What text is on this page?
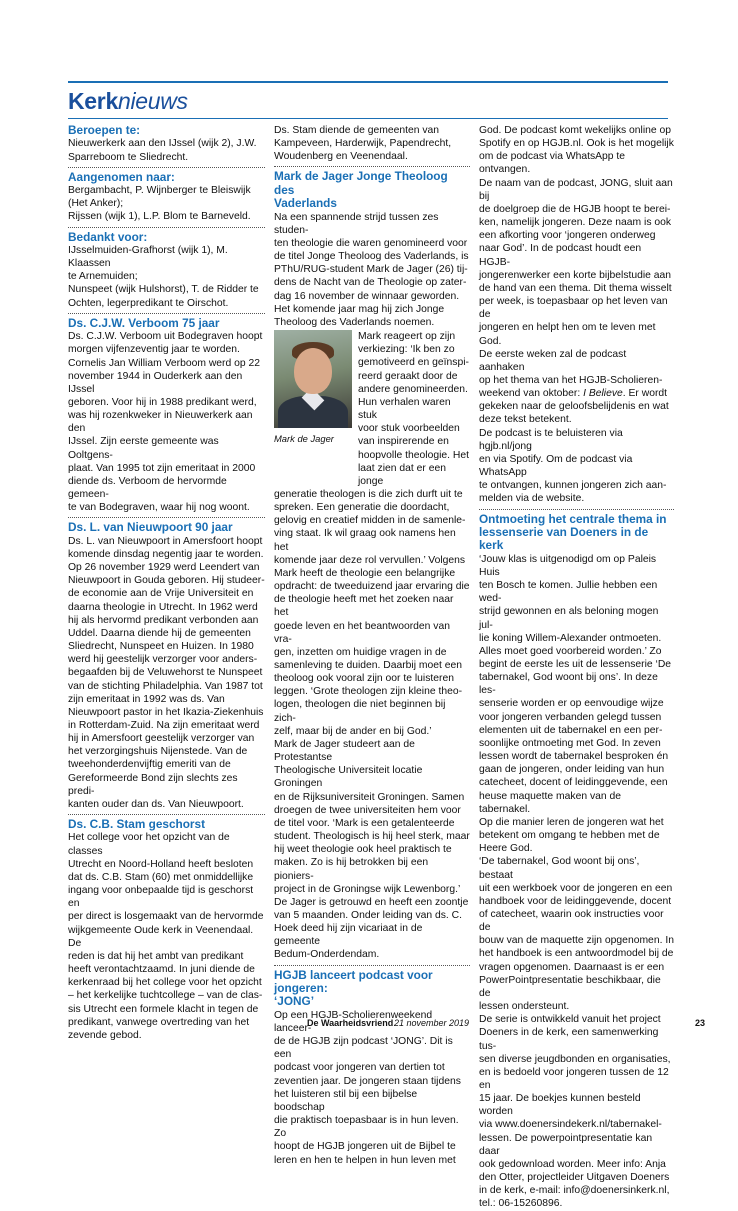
Kerknieuws

Beroepen te:

Nieuwerkerk aan den IJssel (wijk 2), J.W.

Sparreboom te Sliedrecht.

Aangenomen naar:

Bergambacht, P. Wijnberger te Bleiswijk

(Het Anker);

Rijssen (wijk 1), L.P. Blom te Barneveld.

Bedankt voor:

IJsselmuiden-Grafhorst (wijk 1), M. Klaassen

te Arnemuiden;

Nunspeet (wijk Hulshorst), T. de Ridder te

Ochten, legerpredikant te Oirschot.

Ds. C.J.W. Verboom 75 jaar

Ds. C.J.W. Verboom uit Bodegraven hoopt

morgen vijfenzeventig jaar te worden.

Cornelis Jan William Verboom werd op 22

november 1944 in Ouderkerk aan den IJssel

geboren. Voor hij in 1988 predikant werd,

was hij rozenkweker in Nieuwerkerk aan den

IJssel. Zijn eerste gemeente was Ooltgens-

plaat. Van 1995 tot zijn emeritaat in 2000

diende ds. Verboom de hervormde gemeen-

te van Bodegraven, waar hij nog woont.

Ds. L. van Nieuwpoort 90 jaar

Ds. L. van Nieuwpoort in Amersfoort hoopt

komende dinsdag negentig jaar te worden.

Op 26 november 1929 werd Leendert van

Nieuwpoort in Gouda geboren. Hij studeer-

de economie aan de Vrije Universiteit en

daarna theologie in Utrecht. In 1962 werd

hij als hervormd predikant verbonden aan

Uddel. Daarna diende hij de gemeenten

Sliedrecht, Nunspeet en Huizen. In 1980

werd hij geestelijk verzorger voor anders-

begaafden bij de Veluwehorst te Nunspeet

van de stichting Philadelphia. Van 1987 tot

zijn emeritaat in 1992 was ds. Van

Nieuwpoort pastor in het Ikazia-Ziekenhuis

in Rotterdam-Zuid. Na zijn emeritaat werd

hij in Amersfoort geestelijk verzorger van

het verzorgingshuis Nijenstede. Van de

tweehonderdenvijftig emeriti van de

Gereformeerde Bond zijn slechts zes predi-

kanten ouder dan ds. Van Nieuwpoort.

Ds. C.B. Stam geschorst

Het college voor het opzicht van de classes

Utrecht en Noord-Holland heeft besloten

dat ds. C.B. Stam (60) met onmiddellijke

ingang voor onbepaalde tijd is geschorst en

per direct is losgemaakt van de hervormde

wijkgemeente Oude kerk in Veenendaal. De

reden is dat hij het ambt van predikant

heeft verontachtzaamd. In juni diende de

kerkenraad bij het college voor het opzicht

– het kerkelijke tuchtcollege – van de clas-

sis Utrecht een formele klacht in tegen de

predikant, vanwege overtreding van het

zevende gebod.

Ds. Stam diende de gemeenten van

Kampeveen, Harderwijk, Papendrecht,

Woudenberg en Veenendaal.

Mark de Jager Jonge Theoloog des
Vaderlands

Na een spannende strijd tussen zes studen-

ten theologie die waren genomineerd voor

de titel Jonge Theoloog des Vaderlands, is

PThU/RUG-student Mark de Jager (26) tij-

dens de Nacht van de Theologie op zater-

dag 16 november de winnaar geworden.

Het komende jaar mag hij zich Jonge

Theoloog des Vaderlands noemen.

Mark de Jager

Mark reageert op zijn

verkiezing: ‘Ik ben zo

gemotiveerd en geïnspi-

reerd geraakt door de

andere genomineerden.

Hun verhalen waren stuk

voor stuk voorbeelden

van inspirerende en

hoopvolle theologie. Het

laat zien dat er een jonge

generatie theologen is die zich durft uit te

spreken. Een generatie die doordacht,

gelovig en creatief midden in de samenle-

ving staat. Ik wil graag ook namens hen het

komende jaar deze rol vervullen.’ Volgens

Mark heeft de theologie een belangrijke

opdracht: de tweeduizend jaar ervaring die

de theologie heeft met het zoeken naar het

goede leven en het beantwoorden van vra-

gen, inzetten om huidige vragen in de

samenleving te duiden. Daarbij moet een

theoloog ook vooral zijn oor te luisteren

leggen. ‘Grote theologen zijn kleine theo-

logen, theologen die niet beginnen bij zich-

zelf, maar bij de ander en bij God.’

Mark de Jager studeert aan de Protestantse

Theologische Universiteit locatie Groningen

en de Rijksuniversiteit Groningen. Samen

droegen de twee universiteiten hem voor

de titel voor. ‘Mark is een getalenteerde

student. Theologisch is hij heel sterk, maar

hij weet theologie ook heel praktisch te

maken. Zo is hij betrokken bij een pioniers-

project in de Groningse wijk Lewenborg.’

De Jager is getrouwd en heeft een zoontje

van 5 maanden. Onder leiding van ds. C.

Hoek deed hij zijn vicariaat in de gemeente

Bedum-Onderdendam.

HGJB lanceert podcast voor jongeren:
‘JONG’

Op een HGJB-Scholierenweekend lanceer-

de de HGJB zijn podcast ‘JONG’. Dit is een

podcast voor jongeren van dertien tot

zeventien jaar. De jongeren staan tijdens

het luisteren stil bij een bijbelse boodschap

die praktisch toepasbaar is in hun leven. Zo

hoopt de HGJB jongeren uit de Bijbel te

leren en hen te helpen in hun leven met

God. De podcast komt wekelijks online op

Spotify en op HGJB.nl. Ook is het mogelijk

om de podcast via WhatsApp te ontvangen.

De naam van de podcast, JONG, sluit aan bij

de doelgroep die de HGJB hoopt te berei-

ken, namelijk jongeren. Deze naam is ook

een afkorting voor ‘jongeren onderweg

naar God’. In de podcast houdt een HGJB-

jongerenwerker een korte bijbelstudie aan

de hand van een thema. Dit thema wisselt

per week, is toepasbaar op het leven van de

jongeren en helpt hen om te leven met

God.

De eerste weken zal de podcast aanhaken

op het thema van het HGJB-Scholieren-

weekend van oktober: I Believe. Er wordt

gekeken naar de geloofsbelijdenis en wat

deze tekst betekent.

De podcast is te beluisteren via hgjb.nl/jong

en via Spotify. Om de podcast via WhatsApp

te ontvangen, kunnen jongeren zich aan-

melden via de website.

Ontmoeting het centrale thema in
lessenserie van Doeners in de kerk

‘Jouw klas is uitgenodigd om op Paleis Huis

ten Bosch te komen. Jullie hebben een wed-

strijd gewonnen en als beloning mogen jul-

lie koning Willem-Alexander ontmoeten.

Alles moet goed voorbereid worden.’ Zo

begint de eerste les uit de lessenserie ‘De

tabernakel, God woont bij ons’. In deze les-

senserie worden er op eenvoudige wijze

voor jongeren verbanden gelegd tussen

elementen uit de tabernakel en een per-

soonlijke ontmoeting met God. In zeven

lessen wordt de tabernakel besproken én

gaan de jongeren, onder leiding van hun

catecheet, docent of leidinggevende, een

heuse maquette maken van de tabernakel.

Op die manier leren de jongeren wat het

betekent om omgang te hebben met de

Heere God.

‘De tabernakel, God woont bij ons’, bestaat

uit een werkboek voor de jongeren en een

handboek voor de leidinggevende, docent

of catecheet, waarin ook instructies voor de

bouw van de maquette zijn opgenomen. In

het handboek is een antwoordmodel bij de

vragen opgenomen. Daarnaast is er een

PowerPointpresentatie beschikbaar, die de

lessen ondersteunt.

De serie is ontwikkeld vanuit het project

Doeners in de kerk, een samenwerking tus-

sen diverse jeugdbonden en organisaties,

en is bedoeld voor jongeren tussen de 12 en

15 jaar. De boekjes kunnen besteld worden

via www.doenersindekerk.nl/tabernakel-

lessen. De powerpointpresentatie kan daar

ook gedownload worden. Meer info: Anja

den Otter, projectleider Uitgaven Doeners

in de kerk, e-mail: info@doenersinkerk.nl,

tel.: 06-15260896.

De Waarheidsvriend 21 november 2019	23
